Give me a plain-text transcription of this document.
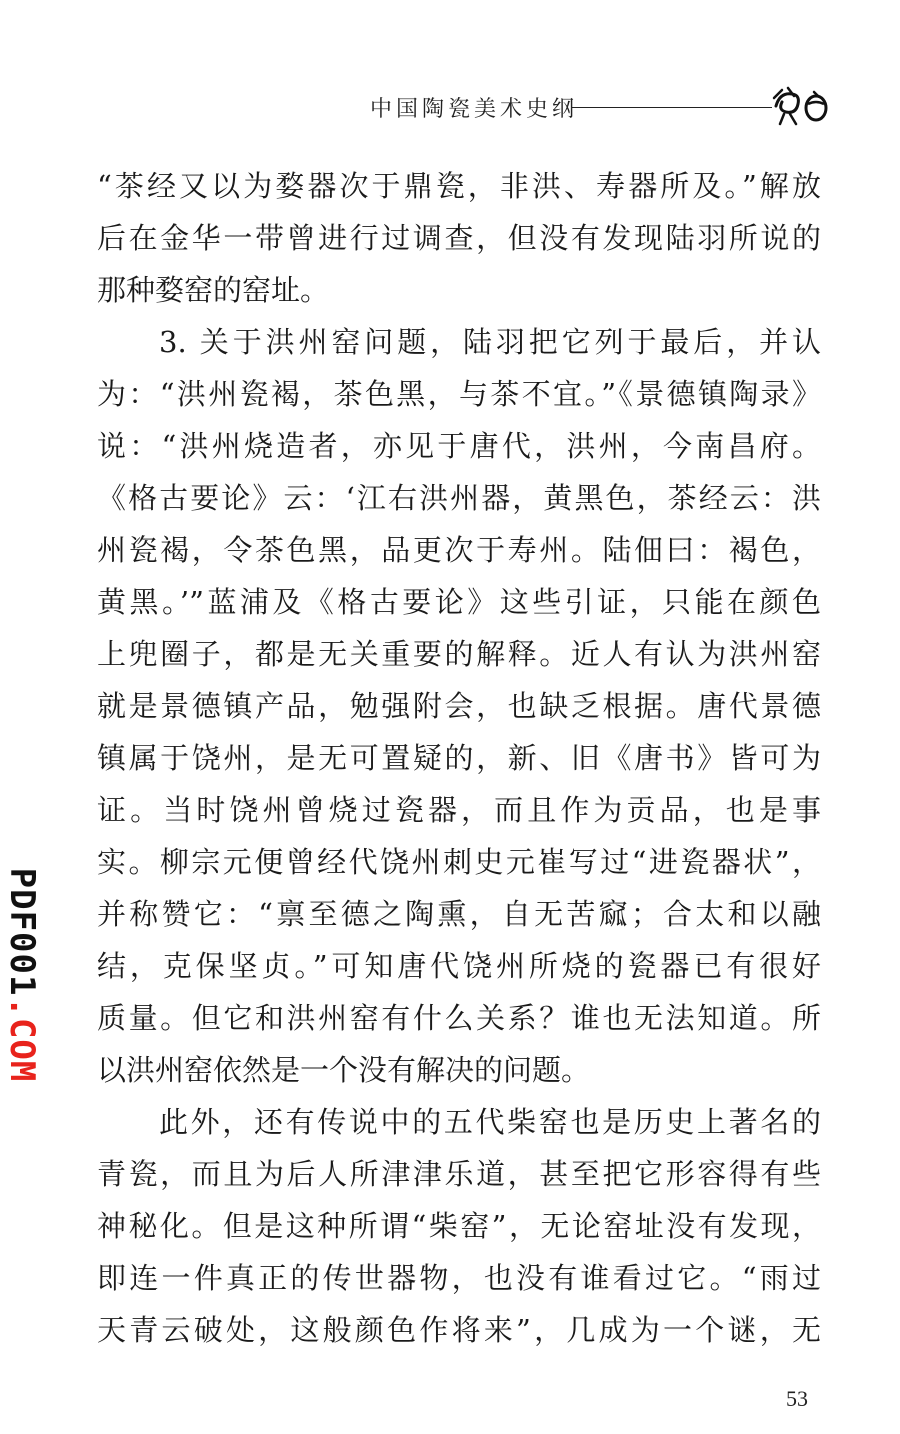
中国陶瓷美术史纲
“茶经又以为婺器次于鼎瓷，非洪、寿器所及。”解放
后在金华一带曾进行过调查，但没有发现陆羽所说的
那种婺窑的窑址。
3. 关于洪州窑问题，陆羽把它列于最后，并认
为：“洪州瓷褐，茶色黑，与茶不宜。”《景德镇陶录》
说：“洪州烧造者，亦见于唐代，洪州，今南昌府。
《格古要论》云：‘江右洪州器，黄黑色，茶经云：洪
州瓷褐，令茶色黑，品更次于寿州。陆佃曰：褐色，
黄黑。’”蓝浦及《格古要论》这些引证，只能在颜色
上兜圈子，都是无关重要的解释。近人有认为洪州窑
就是景德镇产品，勉强附会，也缺乏根据。唐代景德
镇属于饶州，是无可置疑的，新、旧《唐书》皆可为
证。当时饶州曾烧过瓷器，而且作为贡品，也是事
实。柳宗元便曾经代饶州刺史元崔写过“进瓷器状”，
并称赞它：“禀至德之陶熏，自无苦窳；合太和以融
结，克保坚贞。”可知唐代饶州所烧的瓷器已有很好
质量。但它和洪州窑有什么关系？谁也无法知道。所
以洪州窑依然是一个没有解决的问题。
此外，还有传说中的五代柴窑也是历史上著名的
青瓷，而且为后人所津津乐道，甚至把它形容得有些
神秘化。但是这种所谓“柴窑”，无论窑址没有发现，
即连一件真正的传世器物，也没有谁看过它。“雨过
天青云破处，这般颜色作将来”，几成为一个谜，无
PDF001.COM
53
